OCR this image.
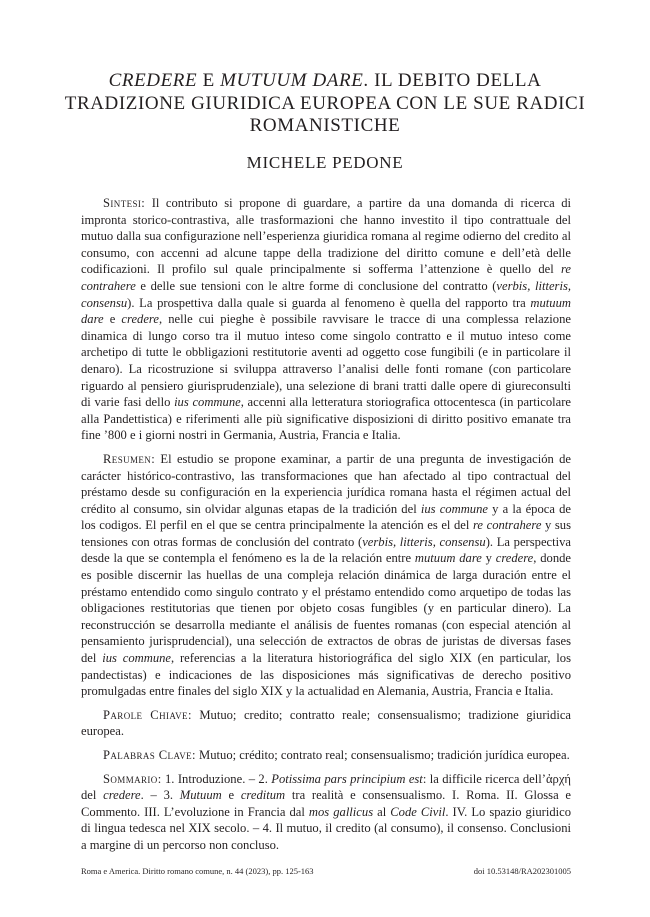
CREDERE E MUTUUM DARE. IL DEBITO DELLA TRADIZIONE GIURIDICA EUROPEA CON LE SUE RADICI ROMANISTICHE
MICHELE PEDONE

Sintesi: Il contributo si propone di guardare, a partire da una domanda di ricerca di impronta storico-contrastiva, alle trasformazioni che hanno investito il tipo contrattuale del mutuo dalla sua configurazione nell’esperienza giuridica romana al regime odierno del credito al consumo, con accenni ad alcune tappe della tradizione del diritto comune e dell’età delle codificazioni. Il profilo sul quale principalmente si sofferma l’attenzione è quello del re contrahere e delle sue tensioni con le altre forme di conclusione del contratto (verbis, litteris, consensu). La prospettiva dalla quale si guarda al fenomeno è quella del rapporto tra mutuum dare e credere, nelle cui pieghe è possibile ravvisare le tracce di una complessa relazione dinamica di lungo corso tra il mutuo inteso come singolo contratto e il mutuo inteso come archetipo di tutte le obbligazioni restitutorie aventi ad oggetto cose fungibili (e in particolare il denaro). La ricostruzione si sviluppa attraverso l’analisi delle fonti romane (con particolare riguardo al pensiero giurisprudenziale), una selezione di brani tratti dalle opere di giureconsulti di varie fasi dello ius commune, accenni alla letteratura storiografica ottocentesca (in particolare alla Pandettistica) e riferimenti alle più significative disposizioni di diritto positivo emanate tra fine ’800 e i giorni nostri in Germania, Austria, Francia e Italia.

Resumen: El estudio se propone examinar, a partir de una pregunta de investigación de carácter histórico-contrastivo, las transformaciones que han afectado al tipo contractual del préstamo desde su configuración en la experiencia jurídica romana hasta el régimen actual del crédito al consumo, sin olvidar algunas etapas de la tradición del ius commune y a la época de los codigos. El perfil en el que se centra principalmente la atención es el del re contrahere y sus tensiones con otras formas de conclusión del contrato (verbis, litteris, consensu). La perspectiva desde la que se contempla el fenómeno es la de la relación entre mutuum dare y credere, donde es posible discernir las huellas de una compleja relación dinámica de larga duración entre el préstamo entendido como singulo contrato y el préstamo entendido como arquetipo de todas las obligaciones restitutorias que tienen por objeto cosas fungibles (y en particular dinero). La reconstrucción se desarrolla mediante el análisis de fuentes romanas (con especial atención al pensamiento jurisprudencial), una selección de extractos de obras de juristas de diversas fases del ius commune, referencias a la literatura historiográfica del siglo XIX (en particular, los pandectistas) e indicaciones de las disposiciones más significativas de derecho positivo promulgadas entre finales del siglo XIX y la actualidad en Alemania, Austria, Francia e Italia.

Parole Chiave: Mutuo; credito; contratto reale; consensualismo; tradizione giuridica europea.

Palabras Clave: Mutuo; crédito; contrato real; consensualismo; tradición jurídica europea.

Sommario: 1. Introduzione. – 2. Potissima pars principium est: la difficile ricerca dell’ἀρχή del credere. – 3. Mutuum e creditum tra realità e consensualismo. I. Roma. II. Glossa e Commento. III. L’evoluzione in Francia dal mos gallicus al Code Civil. IV. Lo spazio giuridico di lingua tedesca nel XIX secolo. – 4. Il mutuo, il credito (al consumo), il consenso. Conclusioni a margine di un percorso non concluso.

Roma e America. Diritto romano comune, n. 44 (2023), pp. 125-163	doi 10.53148/RA202301005
